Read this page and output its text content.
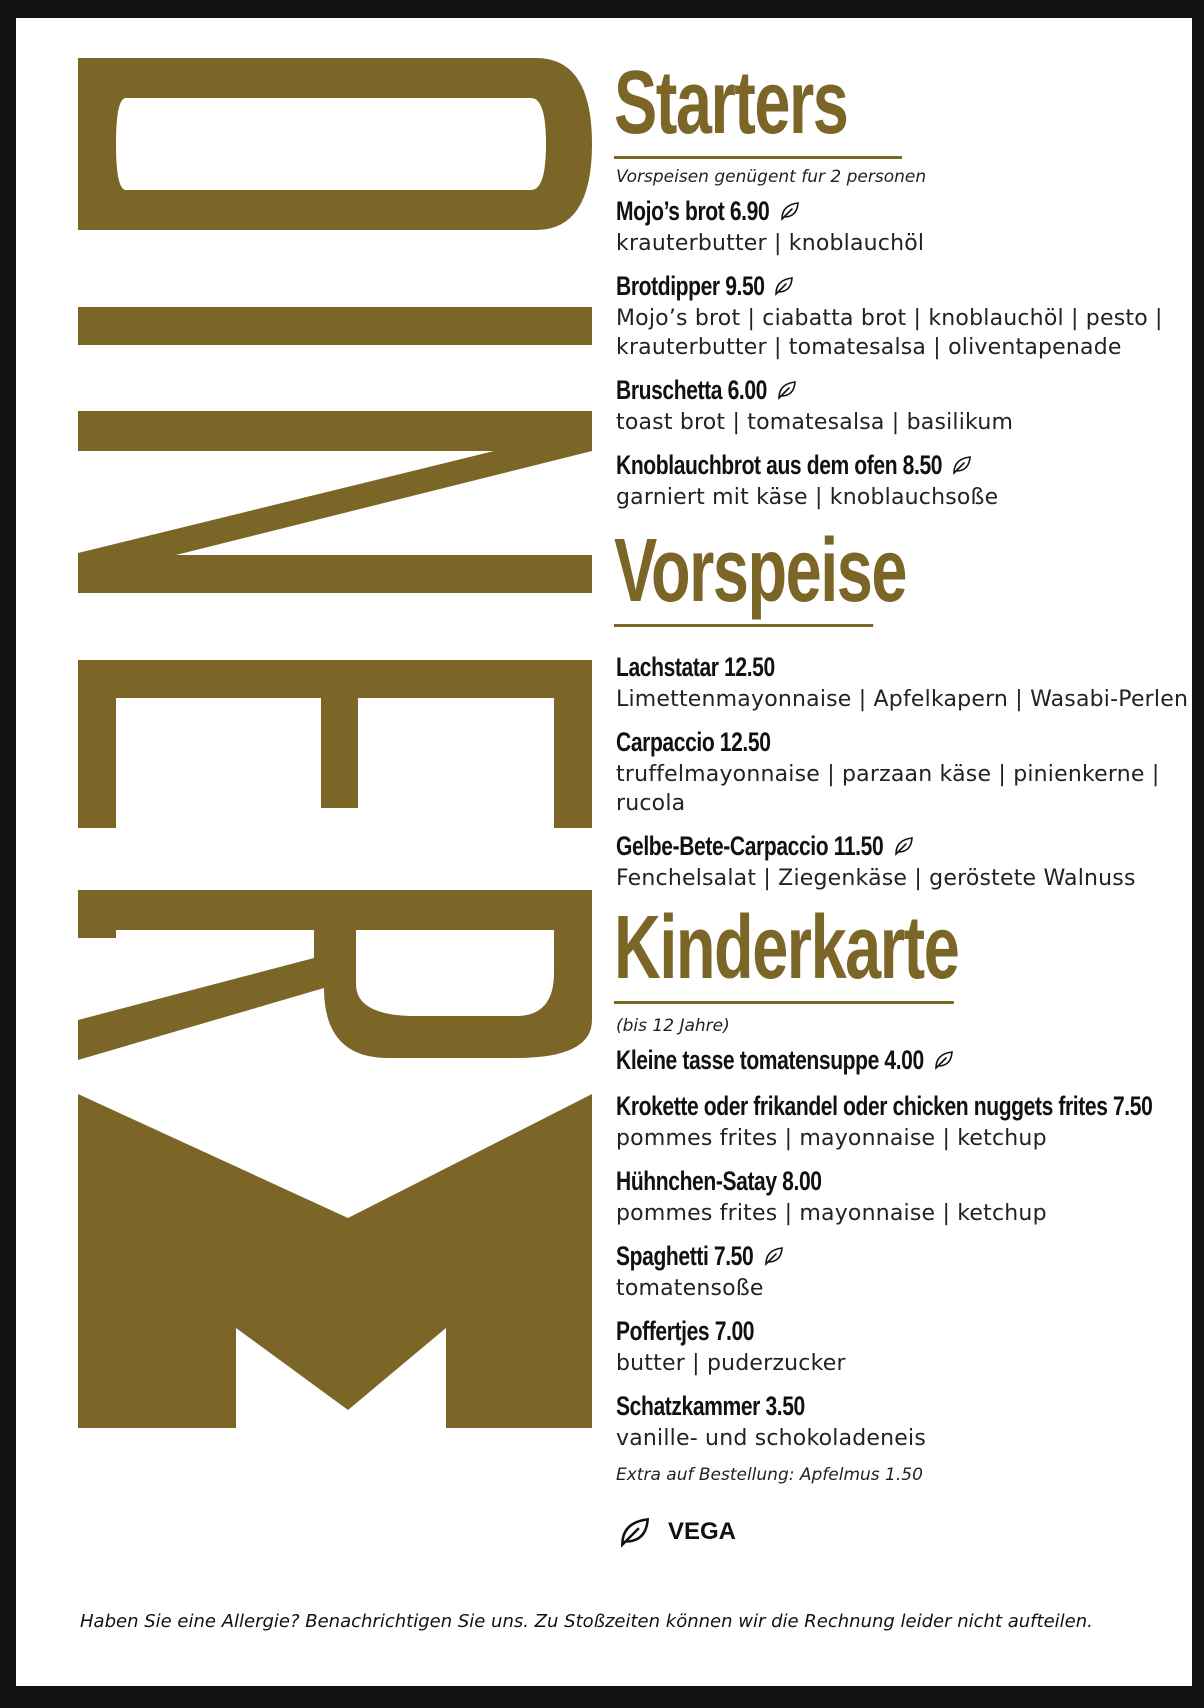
Starters
Vorspeisen genügent fur 2 personen
Mojo’s brot 6.90
krauterbutter | knoblauchöl
Brotdipper 9.50
Mojo’s brot | ciabatta brot | knoblauchöl | pesto | krauterbutter | tomatesalsa | oliventapenade
Bruschetta 6.00
toast brot | tomatesalsa | basilikum
Knoblauchbrot aus dem ofen 8.50
garniert mit käse | knoblauchsoße
Vorspeise
Lachstatar 12.50
Limettenmayonnaise | Apfelkapern | Wasabi-Perlen
Carpaccio 12.50
truffelmayonnaise | parzaan käse | pinienkerne | rucola
Gelbe-Bete-Carpaccio 11.50
Fenchelsalat | Ziegenkäse | geröstete Walnuss
Kinderkarte
(bis 12 Jahre)
Kleine tasse tomatensuppe 4.00
Krokette oder frikandel oder chicken nuggets frites 7.50
pommes frites | mayonnaise | ketchup
Hühnchen-Satay 8.00
pommes frites | mayonnaise | ketchup
Spaghetti 7.50
tomatensoße
Poffertjes 7.00
butter | puderzucker
Schatzkammer 3.50
vanille- und schokoladeneis
Extra auf Bestellung: Apfelmus 1.50
VEGA
Haben Sie eine Allergie? Benachrichtigen Sie uns. Zu Stoßzeiten können wir die Rechnung leider nicht aufteilen.
